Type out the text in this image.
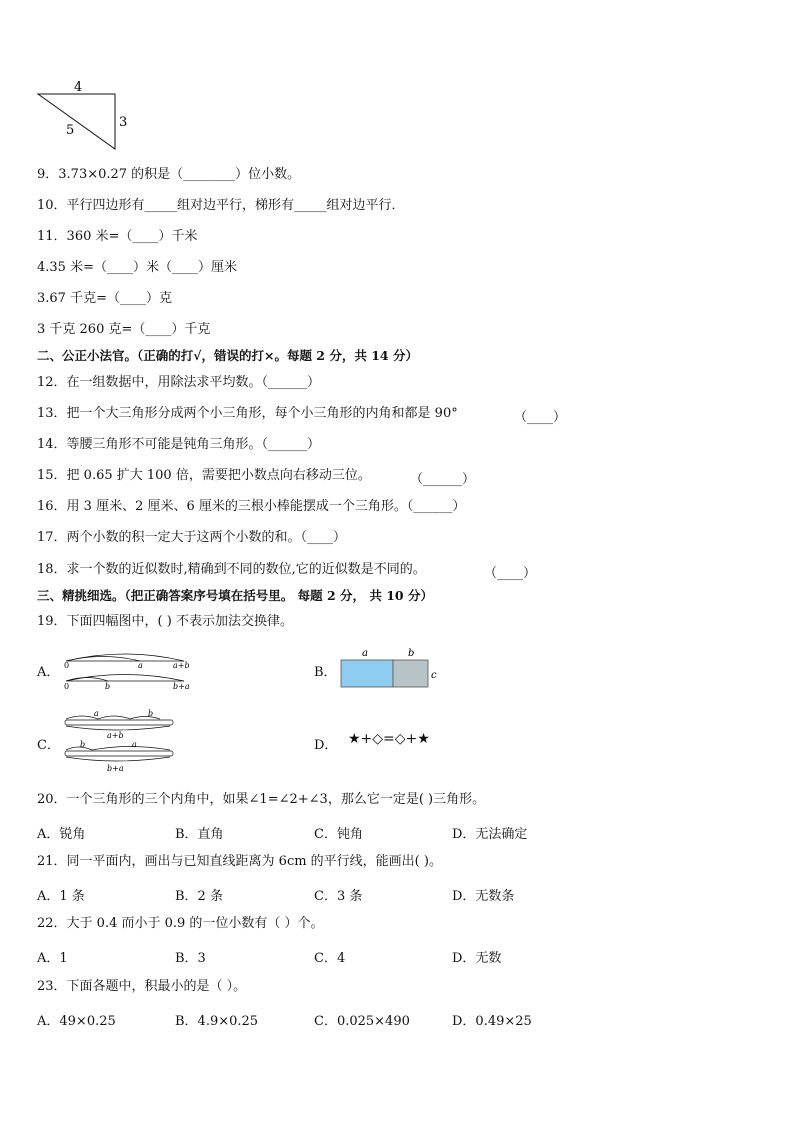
4
3
5
9．3.73×0.27 的积是（________）位小数。
10．平行四边形有_____组对边平行，梯形有_____组对边平行．
11．360 米=（____）千米
4.35 米=（____）米（____）厘米
3.67 千克=（____）克
3 千克 260 克=（____）千克
二、公正小法官。（正确的打√，错误的打×。每题 2 分，共 14 分）
12．在一组数据中，用除法求平均数。（______）
13．把一个大三角形分成两个小三角形，每个小三角形的内角和都是 90°	（____）
14．等腰三角形不可能是钝角三角形。（______）
15．把 0.65 扩大 100 倍，需要把小数点向右移动三位。	（______）
16．用 3 厘米、2 厘米、6 厘米的三根小棒能摆成一个三角形。（______）
17．两个小数的积一定大于这两个小数的和。（____）
18．求一个数的近似数时,精确到不同的数位,它的近似数是不同的。	（____）
三、精挑细选。（把正确答案序号填在括号里。 每题 2 分， 共 10 分）
19．下面四幅图中，( ) 不表示加法交换律。
A． 0	a	a+b
0	b	b+a
B．
a	b
c
C．
a	b
a+b
b	a
b+a
D． ★+◇=◇+★
20．一个三角形的三个内角中，如果∠1=∠2+∠3，那么它一定是( )三角形。
A．锐角	B．直角	C．钝角	D．无法确定
21．同一平面内，画出与已知直线距离为 6cm 的平行线，能画出( )。
A．1 条	B．2 条	C．3 条	D．无数条
22．大于 0.4 而小于 0.9 的一位小数有（ ）个。
A．1	B．3	C．4	D．无数
23．下面各题中，积最小的是（ ）。
A．49×0.25	B．4.9×0.25	C．0.025×490	D．0.49×25
